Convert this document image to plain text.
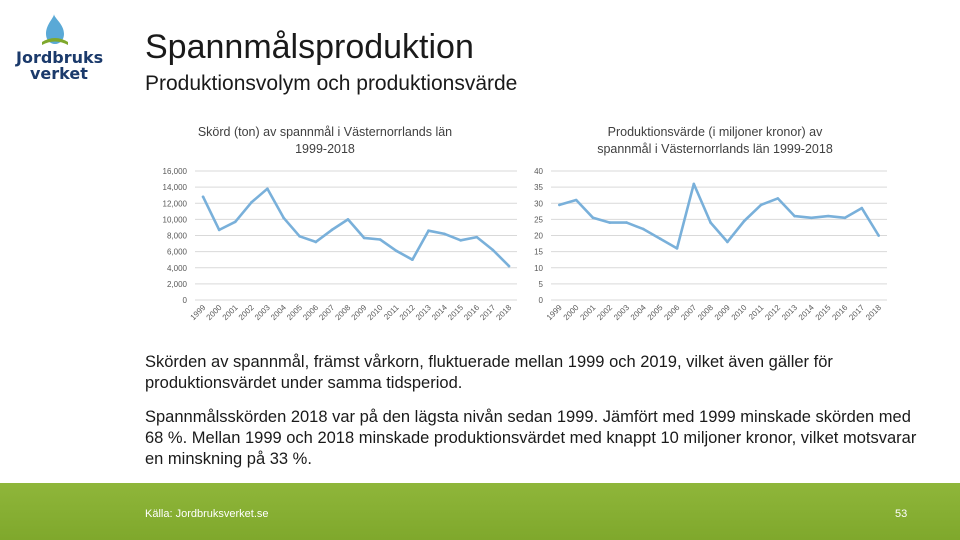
Jordbruks
verket
Spannmålsproduktion
Produktionsvolym och produktionsvärde
Skörd (ton) av spannmål i Västernorrlands län
1999-2018
Produktionsvärde (i miljoner kronor) av
spannmål i Västernorrlands län 1999-2018
0
2,000
4,000
6,000
8,000
10,000
12,000
14,000
16,000
1999
2000
2001
2002
2003
2004
2005
2006
2007
2008
2009
2010
2011
2012
2013
2014
2015
2016
2017
2018
0
5
10
15
20
25
30
35
40
1999
2000
2001
2002
2003
2004
2005
2006
2007
2008
2009
2010
2011
2012
2013
2014
2015
2016
2017
2018
Skörden av spannmål, främst vårkorn, fluktuerade mellan 1999 och 2019, vilket även gäller för produktionsvärdet under samma tidsperiod.
Spannmålsskörden 2018 var på den lägsta nivån sedan 1999. Jämfört med 1999 minskade skörden med 68 %. Mellan 1999 och 2018 minskade produktionsvärdet med knappt 10 miljoner kronor, vilket motsvarar en minskning på 33 %.
Källa: Jordbruksverket.se	53
